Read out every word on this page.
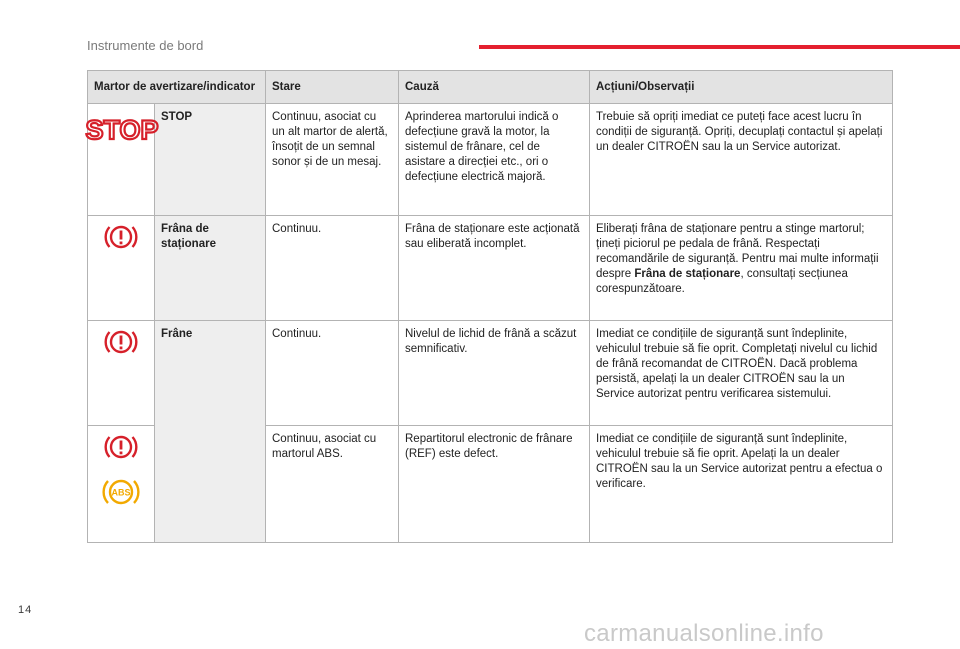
Instrumente de bord
Martor de avertizare/indicator		Stare	Cauză	Acțiuni/Observații

STOP	STOP	Continuu, asociat cu un alt martor de alertă, însoțit de un semnal sonor și de un mesaj.	Aprinderea martorului indică o defecțiune gravă la motor, la sistemul de frânare, cel de asistare a direcției etc., ori o defecțiune electrică majoră.	Trebuie să opriți imediat ce puteți face acest lucru în condiții de siguranță. Opriți, decuplați contactul și apelați un dealer CITROËN sau la un Service autorizat.

	Frâna de staționare	Continuu.	Frâna de staționare este acționată sau eliberată incomplet.	Eliberați frâna de staționare pentru a stinge martorul; țineți piciorul pe pedala de frână. Respectați recomandările de siguranță. Pentru mai multe informații despre Frâna de staționare, consultați secțiunea corespunzătoare.

	Frâne	Continuu.	Nivelul de lichid de frână a scăzut semnificativ.	Imediat ce condițiile de siguranță sunt îndeplinite, vehiculul trebuie să fie oprit. Completați nivelul cu lichid de frână recomandat de CITROËN. Dacă problema persistă, apelați la un dealer CITROËN sau la un Service autorizat pentru verificarea sistemului.

ABS		Continuu, asociat cu martorul ABS.	Repartitorul electronic de frânare (REF) este defect.	Imediat ce condițiile de siguranță sunt îndeplinite, vehiculul trebuie să fie oprit. Apelați la un dealer CITROËN sau la un Service autorizat pentru a efectua o verificare.
14
carmanualsonline.info
